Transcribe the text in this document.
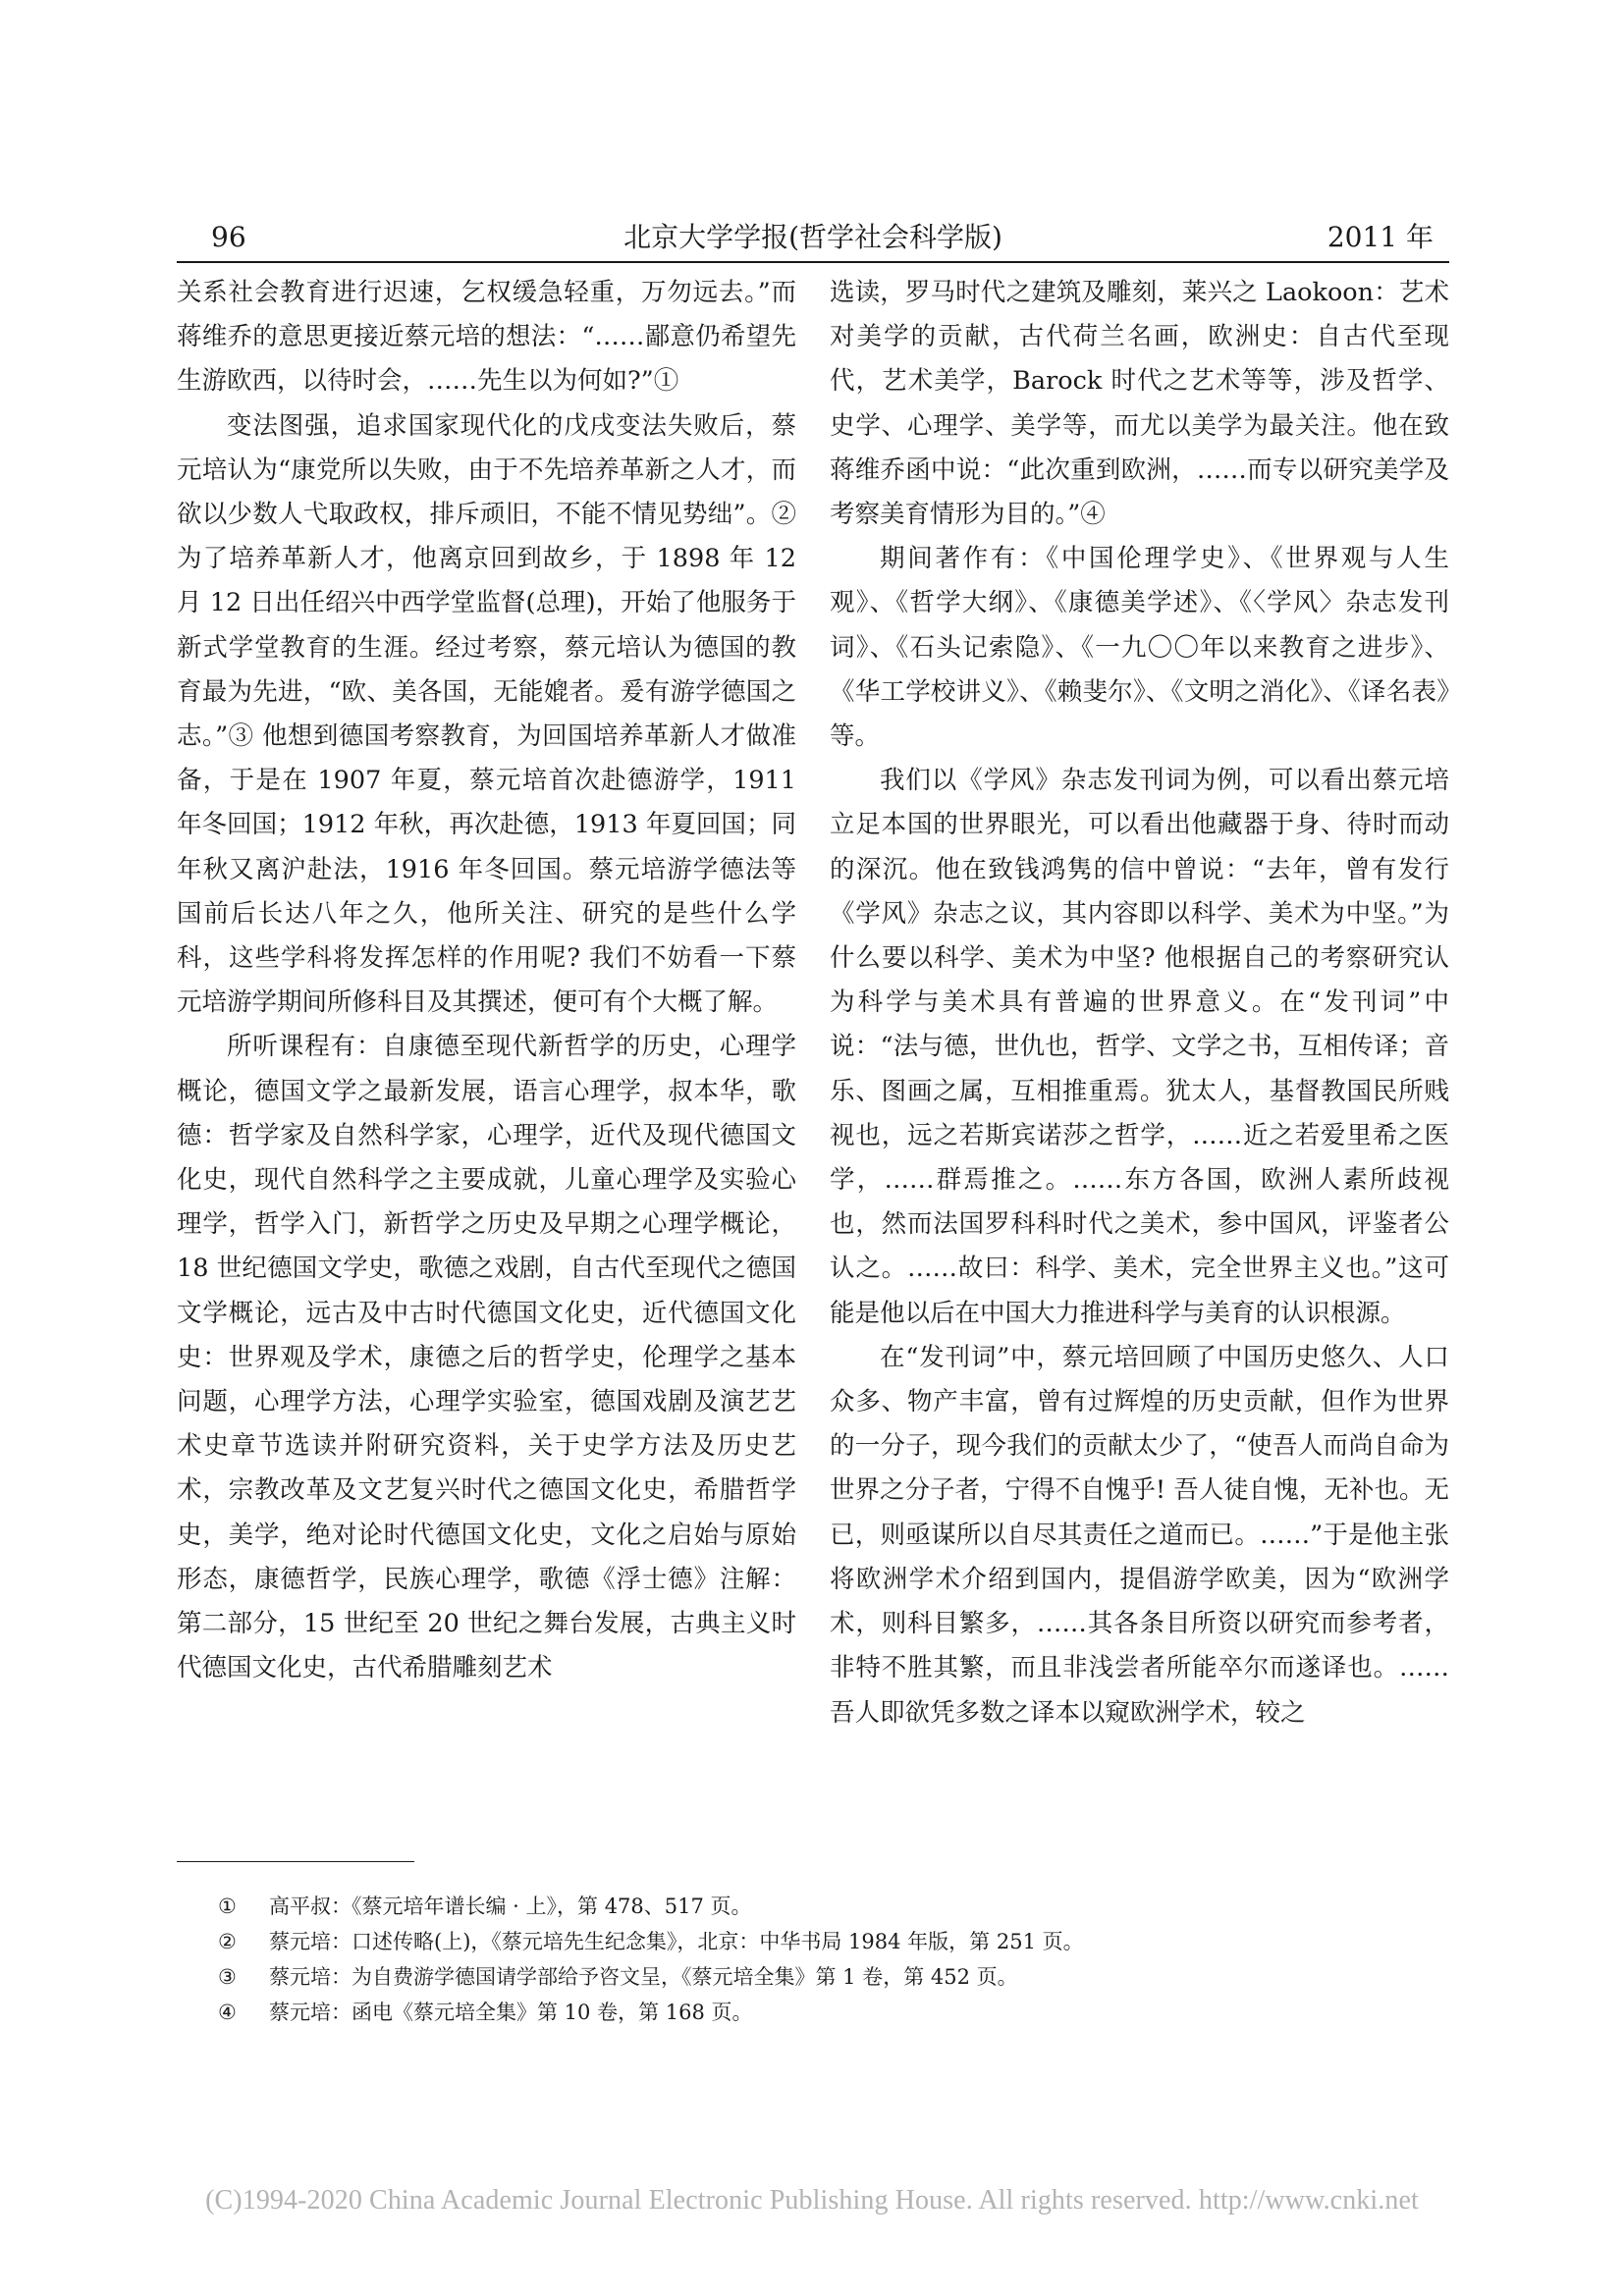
96	北京大学学报(哲学社会科学版)	2011 年

关系社会教育进行迟速，乞权缓急轻重，万勿远去。”而蒋维乔的意思更接近蔡元培的想法：“……鄙意仍希望先生游欧西，以待时会，……先生以为何如?”①

变法图强，追求国家现代化的戊戌变法失败后，蔡元培认为“康党所以失败，由于不先培养革新之人才，而欲以少数人弋取政权，排斥顽旧，不能不情见势绌”。② 为了培养革新人才，他离京回到故乡，于 1898 年 12 月 12 日出任绍兴中西学堂监督(总理)，开始了他服务于新式学堂教育的生涯。经过考察，蔡元培认为德国的教育最为先进，“欧、美各国，无能媲者。爰有游学德国之志。”③ 他想到德国考察教育，为回国培养革新人才做准备，于是在 1907 年夏，蔡元培首次赴德游学，1911 年冬回国；1912 年秋，再次赴德，1913 年夏回国；同年秋又离沪赴法，1916 年冬回国。蔡元培游学德法等国前后长达八年之久，他所关注、研究的是些什么学科，这些学科将发挥怎样的作用呢? 我们不妨看一下蔡元培游学期间所修科目及其撰述，便可有个大概了解。

所听课程有：自康德至现代新哲学的历史，心理学概论，德国文学之最新发展，语言心理学，叔本华，歌德：哲学家及自然科学家，心理学，近代及现代德国文化史，现代自然科学之主要成就，儿童心理学及实验心理学，哲学入门，新哲学之历史及早期之心理学概论，18 世纪德国文学史，歌德之戏剧，自古代至现代之德国文学概论，远古及中古时代德国文化史，近代德国文化史：世界观及学术，康德之后的哲学史，伦理学之基本问题，心理学方法，心理学实验室，德国戏剧及演艺艺术史章节选读并附研究资料，关于史学方法及历史艺术，宗教改革及文艺复兴时代之德国文化史，希腊哲学史，美学，绝对论时代德国文化史，文化之启始与原始形态，康德哲学，民族心理学，歌德《浮士德》注解：第二部分，15 世纪至 20 世纪之舞台发展，古典主义时代德国文化史，古代希腊雕刻艺术

选读，罗马时代之建筑及雕刻，莱兴之 Laokoon：艺术对美学的贡献，古代荷兰名画，欧洲史：自古代至现代，艺术美学，Barock 时代之艺术等等，涉及哲学、史学、心理学、美学等，而尤以美学为最关注。他在致蒋维乔函中说：“此次重到欧洲，……而专以研究美学及考察美育情形为目的。”④

期间著作有：《中国伦理学史》、《世界观与人生观》、《哲学大纲》、《康德美学述》、《〈学风〉杂志发刊词》、《石头记索隐》、《一九〇〇年以来教育之进步》、《华工学校讲义》、《赖斐尔》、《文明之消化》、《译名表》等。

我们以《学风》杂志发刊词为例，可以看出蔡元培立足本国的世界眼光，可以看出他藏器于身、待时而动的深沉。他在致钱鸿隽的信中曾说：“去年，曾有发行《学风》杂志之议，其内容即以科学、美术为中坚。”为什么要以科学、美术为中坚? 他根据自己的考察研究认为科学与美术具有普遍的世界意义。在“发刊词”中说：“法与德，世仇也，哲学、文学之书，互相传译；音乐、图画之属，互相推重焉。犹太人，基督教国民所贱视也，远之若斯宾诺莎之哲学，……近之若爱里希之医学，……群焉推之。……东方各国，欧洲人素所歧视也，然而法国罗科科时代之美术，参中国风，评鉴者公认之。……故曰：科学、美术，完全世界主义也。”这可能是他以后在中国大力推进科学与美育的认识根源。

在“发刊词”中，蔡元培回顾了中国历史悠久、人口众多、物产丰富，曾有过辉煌的历史贡献，但作为世界的一分子，现今我们的贡献太少了，“使吾人而尚自命为世界之分子者，宁得不自愧乎! 吾人徒自愧，无补也。无已，则亟谋所以自尽其责任之道而已。……”于是他主张将欧洲学术介绍到国内，提倡游学欧美，因为“欧洲学术，则科目繁多，……其各条目所资以研究而参考者，非特不胜其繁，而且非浅尝者所能卒尔而遂译也。……吾人即欲凭多数之译本以窥欧洲学术，较之

① 高平叔：《蔡元培年谱长编 · 上》，第 478、517 页。
② 蔡元培：口述传略(上)，《蔡元培先生纪念集》，北京：中华书局 1984 年版，第 251 页。
③ 蔡元培：为自费游学德国请学部给予咨文呈，《蔡元培全集》第 1 卷，第 452 页。
④ 蔡元培：函电《蔡元培全集》第 10 卷，第 168 页。
(C)1994-2020 China Academic Journal Electronic Publishing House. All rights reserved. http://www.cnki.net
